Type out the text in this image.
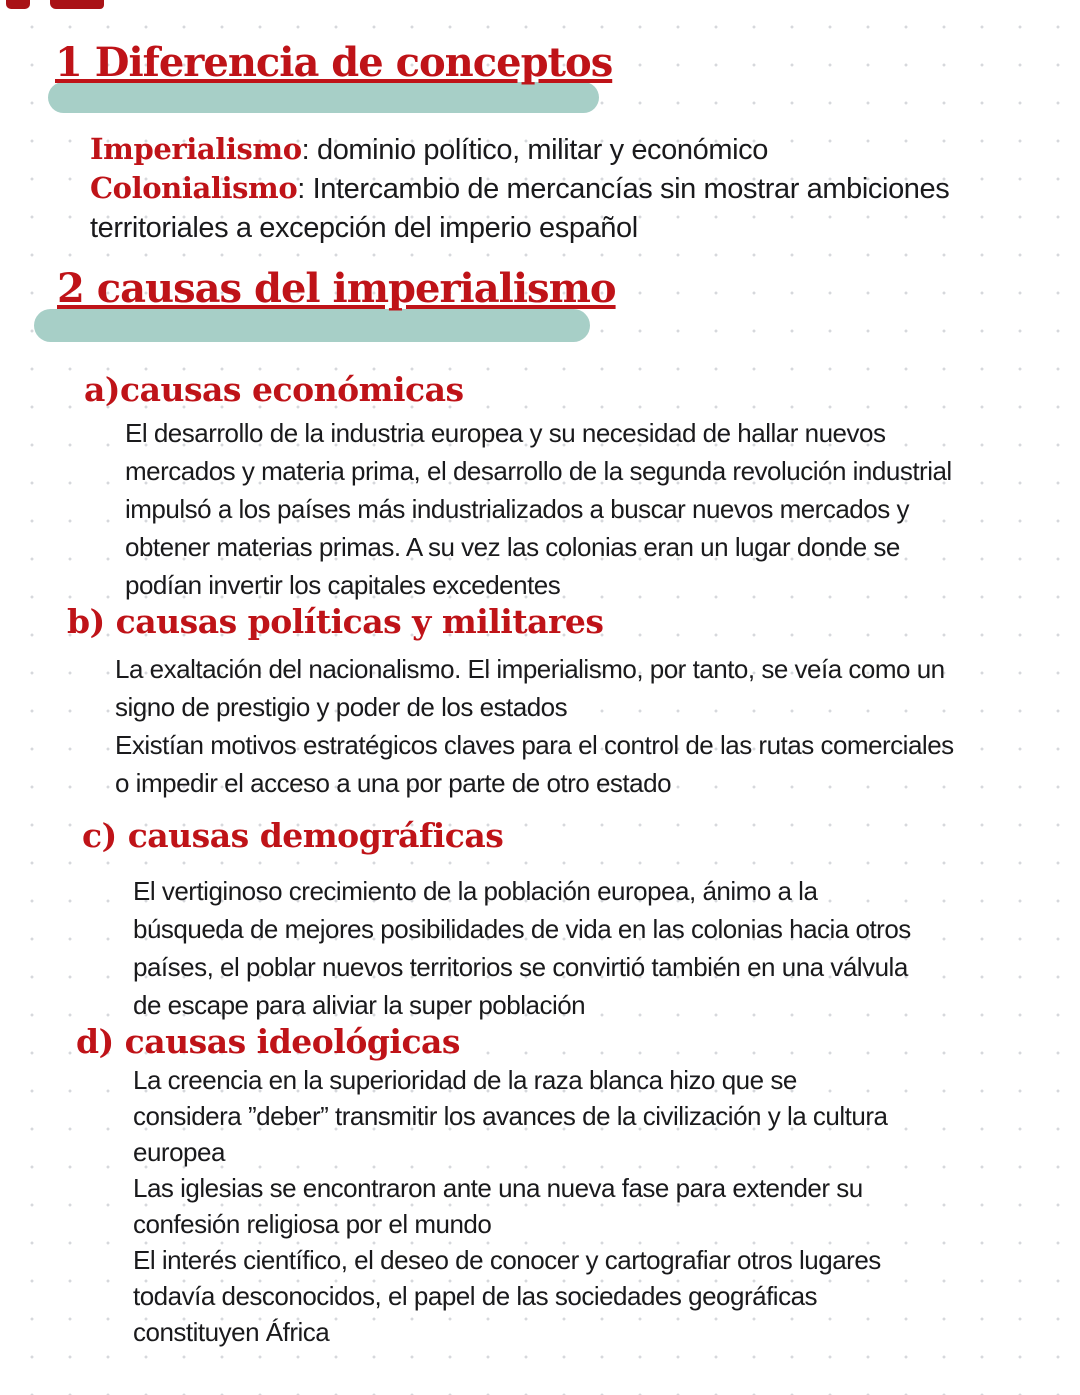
1 Diferencia de conceptos
Imperialismo: dominio político, militar y económico
Colonialismo: Intercambio de mercancías sin mostrar ambiciones
territoriales a excepción del imperio español
2 causas del imperialismo
a)causas económicas
El desarrollo de la industria europea y su necesidad de hallar nuevos
mercados y materia prima, el desarrollo de la segunda revolución industrial
impulsó a los países más industrializados a buscar nuevos mercados y
obtener materias primas. A su vez las colonias eran un lugar donde se
podían invertir los capitales excedentes
b) causas políticas y militares
La exaltación del nacionalismo. El imperialismo, por tanto, se veía como un
signo de prestigio y poder de los estados
Existían motivos estratégicos claves para el control de las rutas comerciales
o impedir el acceso a una por parte de otro estado
c) causas demográficas
El vertiginoso crecimiento de la población europea, ánimo a la
búsqueda de mejores posibilidades de vida en las colonias hacia otros
países, el poblar nuevos territorios se convirtió también en una válvula
de escape para aliviar la super población
d) causas ideológicas
La creencia en la superioridad de la raza blanca hizo que se
considera ”deber” transmitir los avances de la civilización y la cultura
europea
Las iglesias se encontraron ante una nueva fase para extender su
confesión religiosa por el mundo
El interés científico, el deseo de conocer y cartografiar otros lugares
todavía desconocidos, el papel de las sociedades geográficas
constituyen África
